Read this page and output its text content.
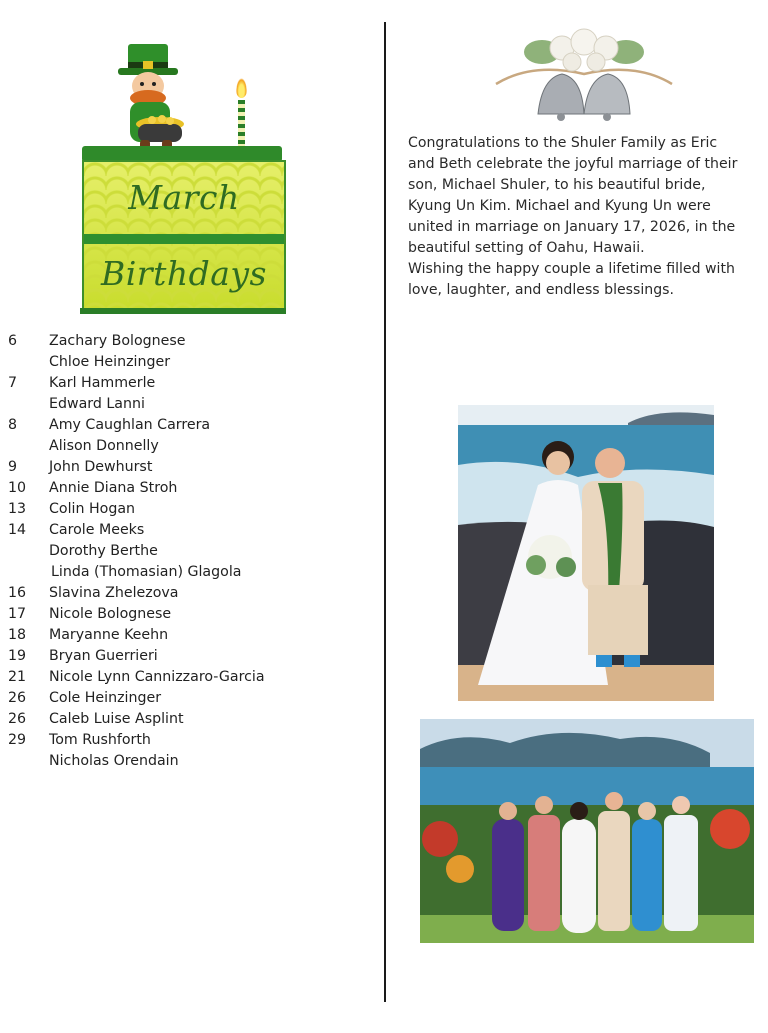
March
Birthdays
6	Zachary Bolognese
Chloe Heinzinger
7	Karl Hammerle
Edward Lanni
8	Amy Caughlan Carrera
Alison Donnelly
9	John Dewhurst
10	Annie Diana Stroh
13	Colin Hogan
14	Carole Meeks
Dorothy Berthe
Linda (Thomasian) Glagola
16	Slavina Zhelezova
17	Nicole Bolognese
18	Maryanne Keehn
19	Bryan Guerrieri
21	Nicole Lynn Cannizzaro-Garcia
26	Cole Heinzinger
26	Caleb Luise Asplint
29	Tom Rushforth
Nicholas Orendain

Congratulations to the Shuler Family as Eric and Beth celebrate the joyful marriage of their son, Michael Shuler, to his beautiful bride, Kyung Un Kim. Michael and Kyung Un were united in marriage on January 17, 2026, in the beautiful setting of Oahu, Hawaii.

Wishing the happy couple a lifetime filled with love, laughter, and endless blessings.
